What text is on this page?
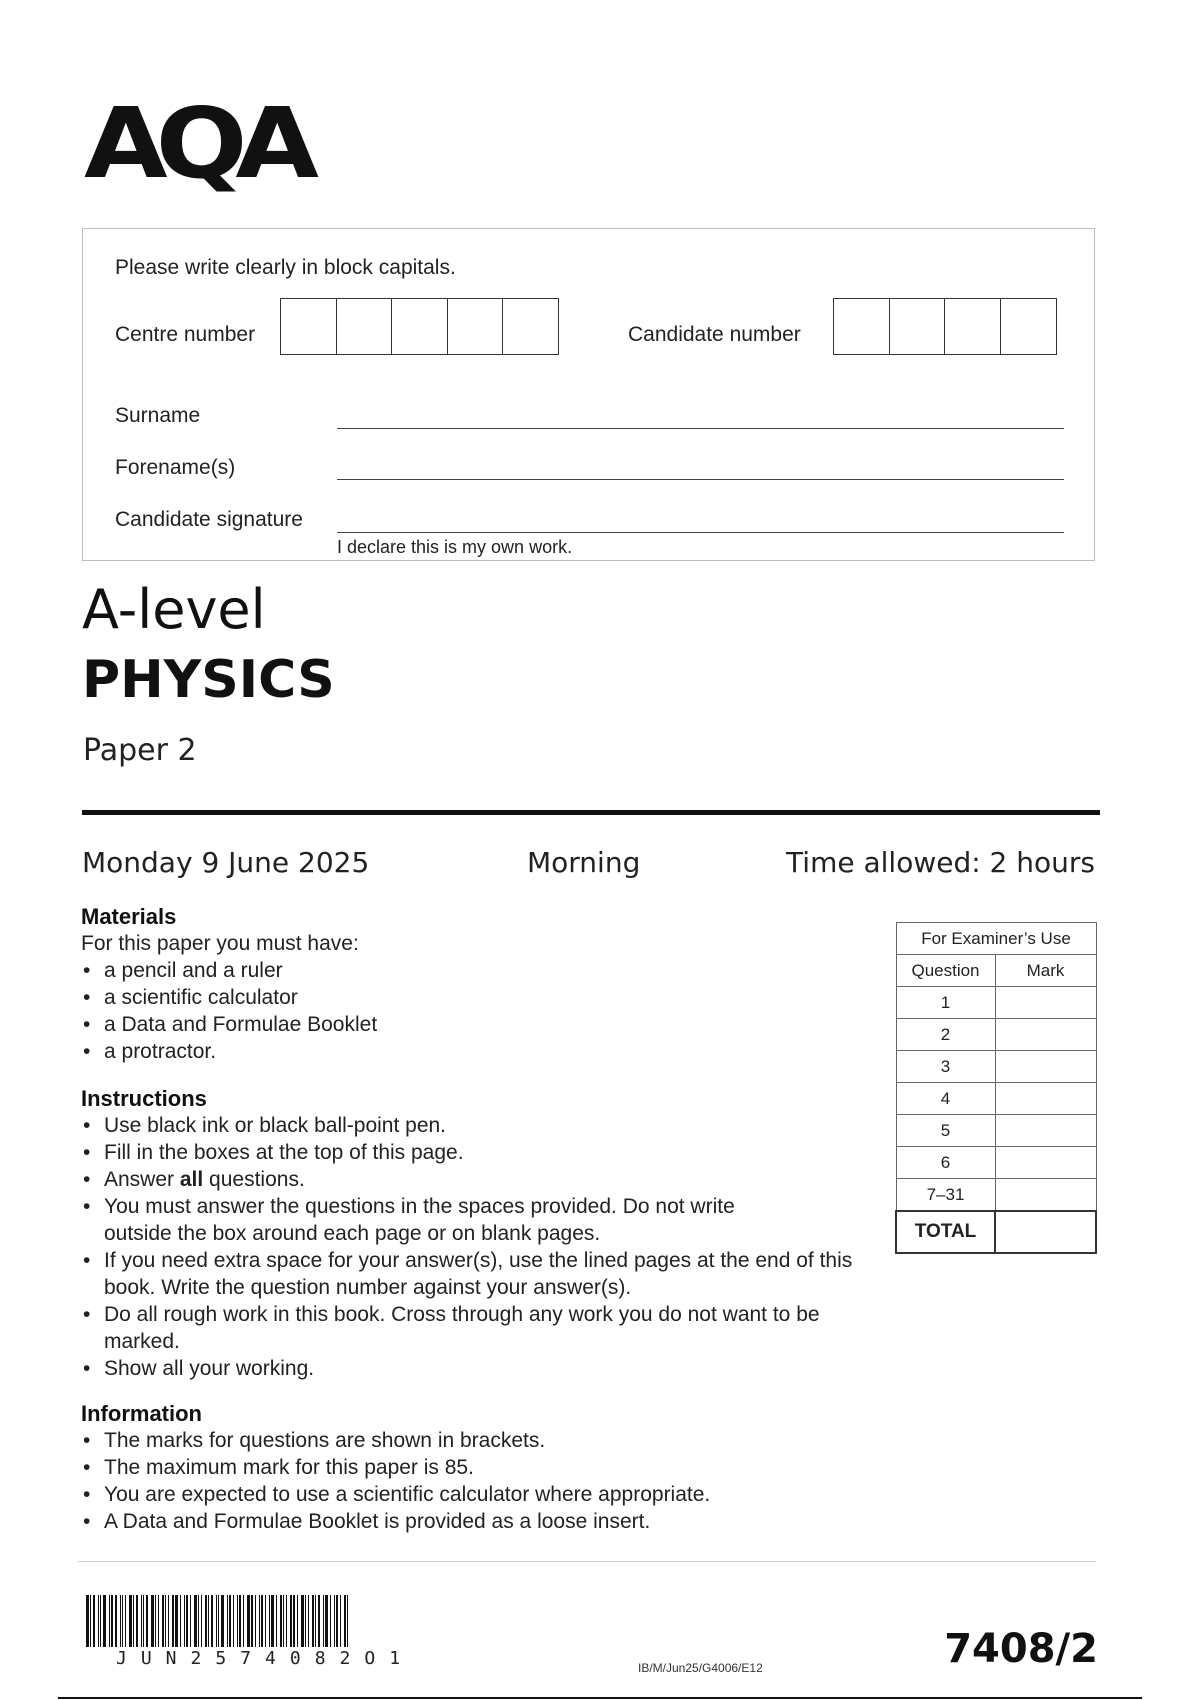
AQA
Please write clearly in block capitals.
Centre number	Candidate number
Surname
Forename(s)
Candidate signature
I declare this is my own work.
A-level
PHYSICS
Paper 2
Monday 9 June 2025	Morning	Time allowed: 2 hours
Materials
For this paper you must have:
• a pencil and a ruler
• a scientific calculator
• a Data and Formulae Booklet
• a protractor.
Instructions
• Use black ink or black ball-point pen.
• Fill in the boxes at the top of this page.
• Answer all questions.
• You must answer the questions in the spaces provided. Do not write outside the box around each page or on blank pages.
• If you need extra space for your answer(s), use the lined pages at the end of this book. Write the question number against your answer(s).
• Do all rough work in this book. Cross through any work you do not want to be marked.
• Show all your working.
Information
• The marks for questions are shown in brackets.
• The maximum mark for this paper is 85.
• You are expected to use a scientific calculator where appropriate.
• A Data and Formulae Booklet is provided as a loose insert.
For Examiner’s Use	
Question	Mark
1	
2	
3	
4	
5	
6	
7–31	
TOTAL	
JUN2574082O1	IB/M/Jun25/G4006/E12	7408/2
